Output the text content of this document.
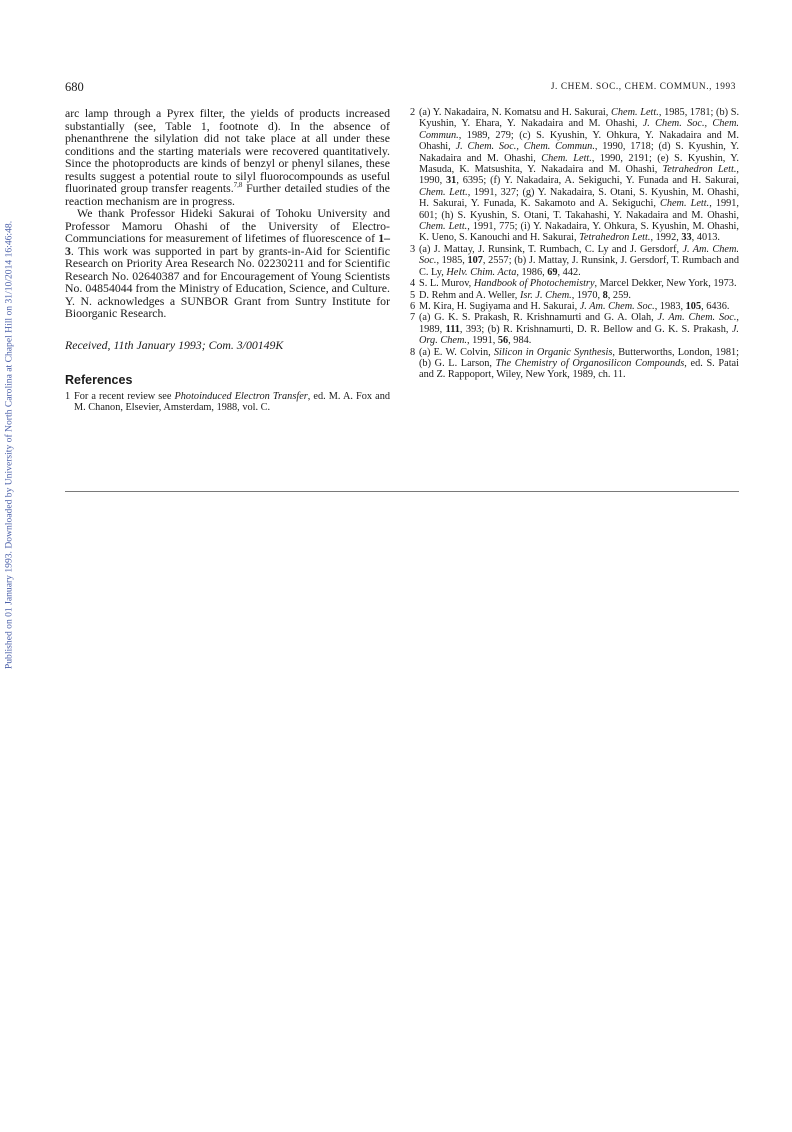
Published on 01 January 1993. Downloaded by University of North Carolina at Chapel Hill on 31/10/2014 16:46:48.
680	J. CHEM. SOC., CHEM. COMMUN., 1993

arc lamp through a Pyrex filter, the yields of products increased substantially (see, Table 1, footnote d). In the absence of phenanthrene the silylation did not take place at all under these conditions and the starting materials were recovered quantitatively. Since the photoproducts are kinds of benzyl or phenyl silanes, these results suggest a potential route to silyl fluorocompounds as useful fluorinated group transfer reagents.$^{7,8}$ Further detailed studies of the reaction mechanism are in progress.

We thank Professor Hideki Sakurai of Tohoku University and Professor Mamoru Ohashi of the University of Electro-Communciations for measurement of lifetimes of fluorescence of 1–3. This work was supported in part by grants-in-Aid for Scientific Research on Priority Area Research No. 02230211 and for Scientific Research No. 02640387 and for Encouragement of Young Scientists No. 04854044 from the Ministry of Education, Science, and Culture. Y. N. acknowledges a SUNBOR Grant from Suntry Institute for Bioorganic Research.

Received, 11th January 1993; Com. 3/00149K

References

1 For a recent review see Photoinduced Electron Transfer, ed. M. A. Fox and M. Chanon, Elsevier, Amsterdam, 1988, vol. C.

2 (a) Y. Nakadaira, N. Komatsu and H. Sakurai, Chem. Lett., 1985, 1781; (b) S. Kyushin, Y. Ehara, Y. Nakadaira and M. Ohashi, J. Chem. Soc., Chem. Commun., 1989, 279; (c) S. Kyushin, Y. Ohkura, Y. Nakadaira and M. Ohashi, J. Chem. Soc., Chem. Commun., 1990, 1718; (d) S. Kyushin, Y. Nakadaira and M. Ohashi, Chem. Lett., 1990, 2191; (e) S. Kyushin, Y. Masuda, K. Matsushita, Y. Nakadaira and M. Ohashi, Tetrahedron Lett., 1990, 31, 6395; (f) Y. Nakadaira, A. Sekiguchi, Y. Funada and H. Sakurai, Chem. Lett., 1991, 327; (g) Y. Nakadaira, S. Otani, S. Kyushin, M. Ohashi, H. Sakurai, Y. Funada, K. Sakamoto and A. Sekiguchi, Chem. Lett., 1991, 601; (h) S. Kyushin, S. Otani, T. Takahashi, Y. Nakadaira and M. Ohashi, Chem. Lett., 1991, 775; (i) Y. Nakadaira, Y. Ohkura, S. Kyushin, M. Ohashi, K. Ueno, S. Kanouchi and H. Sakurai, Tetrahedron Lett., 1992, 33, 4013.

3 (a) J. Mattay, J. Runsink, T. Rumbach, C. Ly and J. Gersdorf, J. Am. Chem. Soc., 1985, 107, 2557; (b) J. Mattay, J. Runsink, J. Gersdorf, T. Rumbach and C. Ly, Helv. Chim. Acta, 1986, 69, 442.

4 S. L. Murov, Handbook of Photochemistry, Marcel Dekker, New York, 1973.

5 D. Rehm and A. Weller, Isr. J. Chem., 1970, 8, 259.

6 M. Kira, H. Sugiyama and H. Sakurai, J. Am. Chem. Soc., 1983, 105, 6436.

7 (a) G. K. S. Prakash, R. Krishnamurti and G. A. Olah, J. Am. Chem. Soc., 1989, 111, 393; (b) R. Krishnamurti, D. R. Bellow and G. K. S. Prakash, J. Org. Chem., 1991, 56, 984.

8 (a) E. W. Colvin, Silicon in Organic Synthesis, Butterworths, London, 1981; (b) G. L. Larson, The Chemistry of Organosilicon Compounds, ed. S. Patai and Z. Rappoport, Wiley, New York, 1989, ch. 11.
